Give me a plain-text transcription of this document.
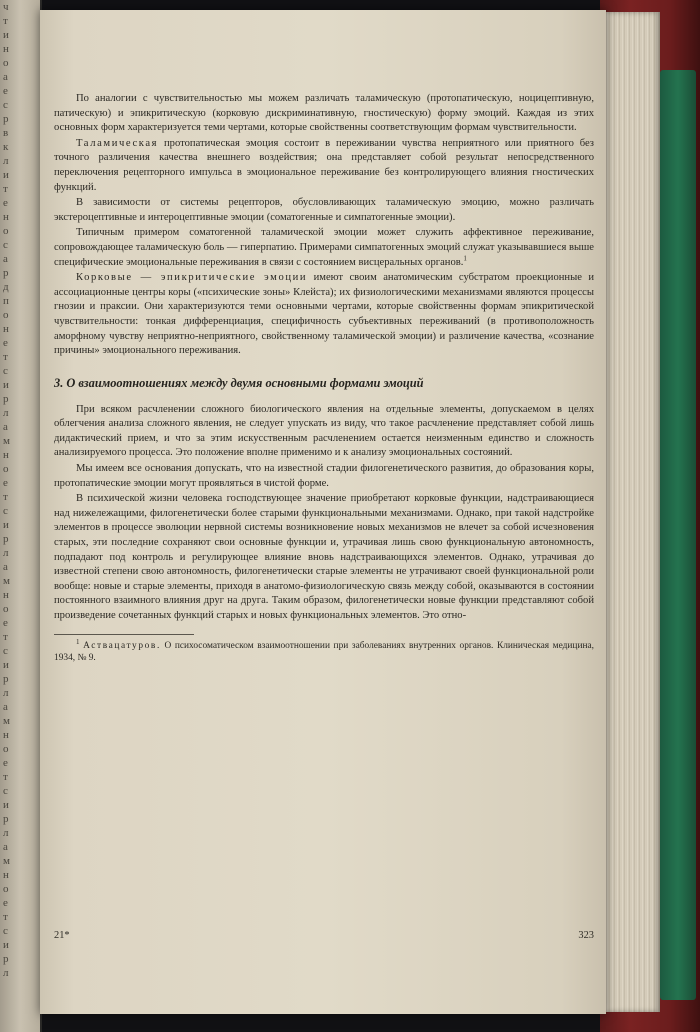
ч
т
и
н
о
а
е
с
р
в
к
л
и
т
е
н
о
с
а
р
д
п
о
н
е
т
с
и
р
л
а
м
н
о
е
т
с
и
р
л
а
м
н
о
е
т
с
и
р
л
а
м
н
о
е
т
с
и
р
л
а
м
н
о
е
т
с
и
р
л

По аналогии с чувствительностью мы можем различать таламическую (протопатическую, ноцицептивную, патическую) и эпикритическую (корковую дискриминативную, гностическую) форму эмоций. Каждая из этих основных форм характеризуется теми чертами, которые свойственны соответствующим формам чувствительности.

Таламическая протопатическая эмоция состоит в переживании чувства неприятного или приятного без точного различения качества внешнего воздействия; она представляет собой результат непосредственного переключения рецепторного импульса в эмоциональное переживание без контролирующего влияния гностических функций.

В зависимости от системы рецепторов, обусловливающих таламическую эмоцию, можно различать экстероцептивные и интероцептивные эмоции (соматогенные и симпатогенные эмоции).

Типичным примером соматогенной таламической эмоции может служить аффективное переживание, сопровождающее таламическую боль — гиперпатию. Примерами симпатогенных эмоций служат указывавшиеся выше специфические эмоциональные переживания в связи с состоянием висцеральных органов.$^1$

Корковые — эпикритические эмоции имеют своим анатомическим субстратом проекционные и ассоциационные центры коры («психические зоны» Клейста); их физиологическими механизмами являются процессы гнозии и праксии. Они характеризуются теми основными чертами, которые свойственны формам эпикритической чувствительности: тонкая дифференциация, специфичность субъективных переживаний (в противоположность аморфному чувству неприятно-неприятного, свойственному таламической эмоции) и различение качества, «сознание причины» эмоционального переживания.

3. О взаимоотношениях между двумя основными формами эмоций

При всяком расчленении сложного биологического явления на отдельные элементы, допускаемом в целях облегчения анализа сложного явления, не следует упускать из виду, что такое расчленение представляет собой лишь дидактический прием, и что за этим искусственным расчленением остается неизменным единство и сложность анализируемого процесса. Это положение вполне применимо и к анализу эмоциональных состояний.

Мы имеем все основания допускать, что на известной стадии филогенетического развития, до образования коры, протопатические эмоции могут проявляться в чистой форме.

В психической жизни человека господствующее значение приобретают корковые функции, надстраивающиеся над нижележащими, филогенетически более старыми функциональными механизмами. Однако, при такой надстройке элементов в процессе эволюции нервной системы возникновение новых механизмов не влечет за собой исчезновения старых, эти последние сохраняют свои основные функции и, утрачивая лишь свою функциональную автономность, подпадают под контроль и регулирующее влияние вновь надстраивающихся элементов. Однако, утрачивая до известной степени свою автономность, филогенетически старые элементы не утрачивают своей функциональной роли вообще: новые и старые элементы, приходя в анатомо-физиологическую связь между собой, оказываются в состоянии постоянного взаимного влияния друг на друга. Таким образом, филогенетически новые функции представляют собой произведение сочетанных функций старых и новых функциональных элементов. Это отно-

$^1$ Аствацатуров. О психосоматическом взаимоотношении при заболеваниях внутренних органов. Клиническая медицина, 1934, № 9.

21*	323
